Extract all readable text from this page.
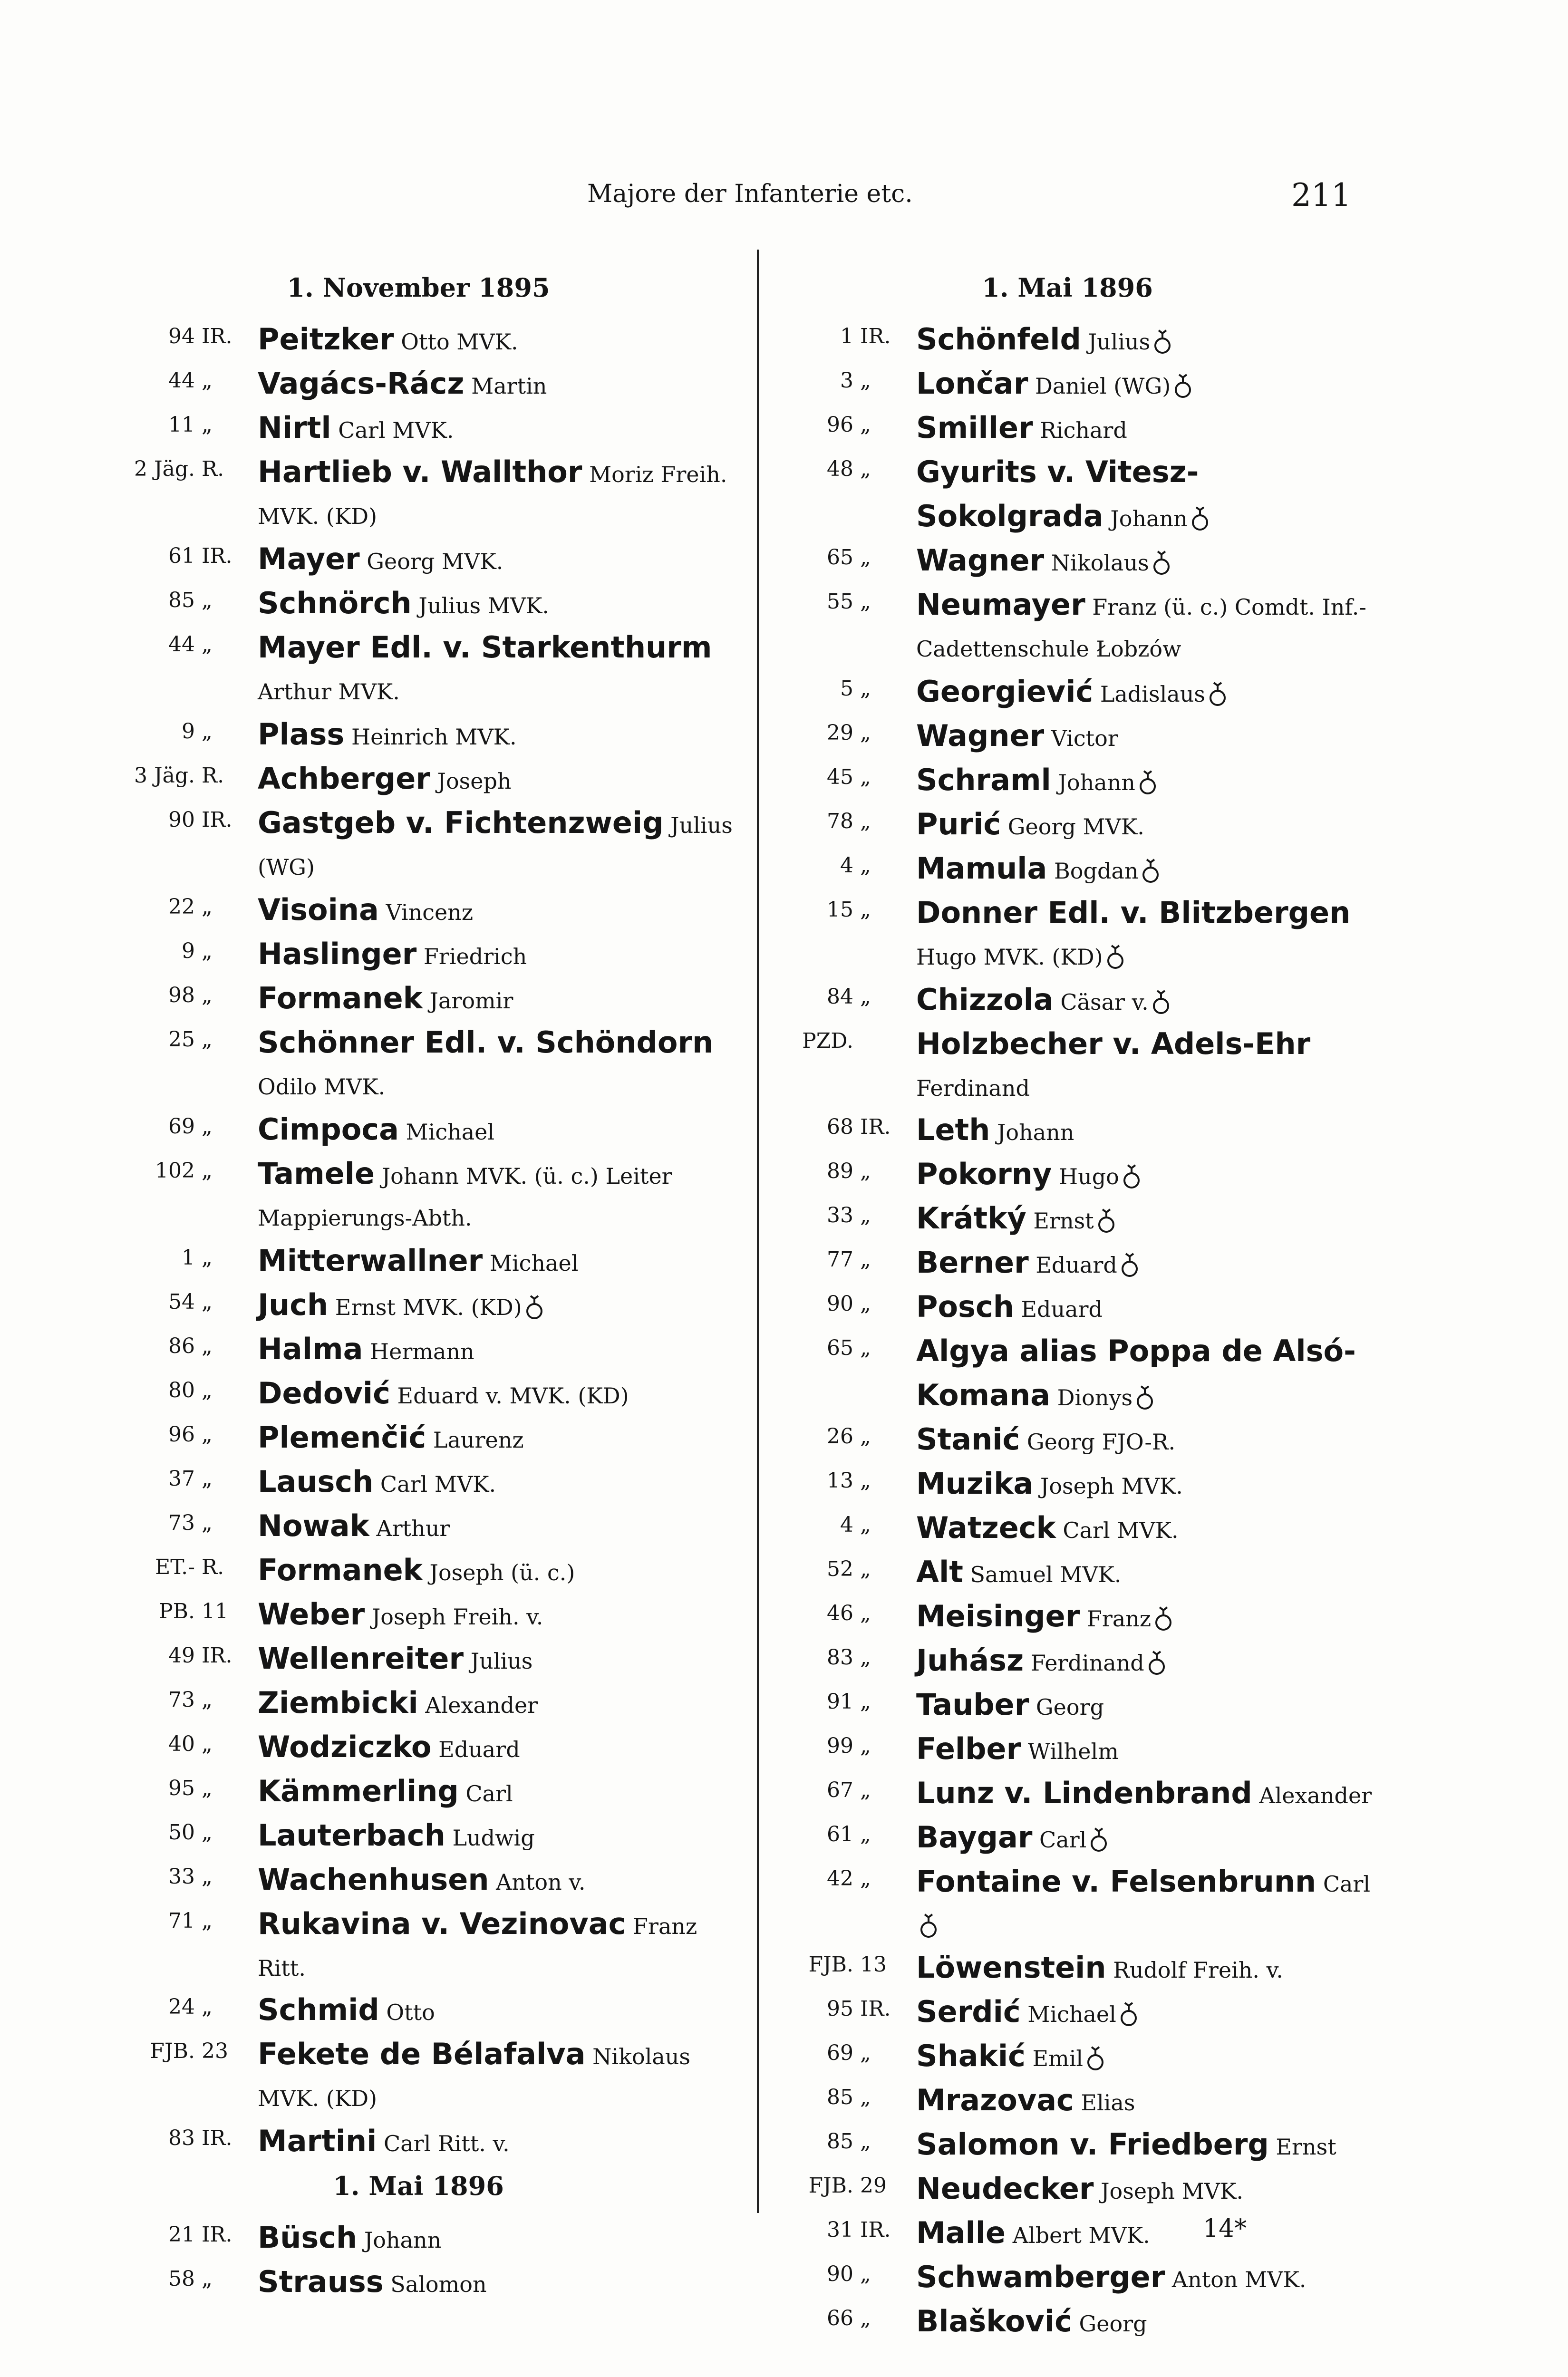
Majore der Infanterie etc.	211
1. November 1895
94 IR. Peitzker Otto MVK.
44 „	Vagács-Rácz Martin
11 „	Nirtl Carl MVK.
2 Jäg. R.	Hartlieb v. Wallthor Moriz Freih. MVK. (KD)
61 IR. Mayer Georg MVK.
85 „	Schnörch Julius MVK.
44 „	Mayer Edl. v. Starkenthurm Arthur MVK.
9 „	Plass Heinrich MVK.
3 Jäg. R.	Achberger Joseph
90 IR. Gastgeb v. Fichtenzweig Julius (WG)
22 „	Visoina Vincenz
9 „	Haslinger Friedrich
98 „	Formanek Jaromir
25 „	Schönner Edl. v. Schöndorn Odilo MVK.
69 „	Cimpoca Michael
102 „	Tamele Johann MVK. (ü. c.) Leiter Mappierungs-Abth.
1 „	Mitterwallner Michael
54 „	Juch Ernst MVK. (KD)
86 „	Halma Hermann
80 „	Dedović Eduard v. MVK. (KD)
96 „	Plemenčić Laurenz
37 „	Lausch Carl MVK.
73 „	Nowak Arthur
ET.- R.	Formanek Joseph (ü. c.)
PB. 11	Weber Joseph Freih. v.
49 IR. Wellenreiter Julius
73 „	Ziembicki Alexander
40 „	Wodziczko Eduard
95 „	Kämmerling Carl
50 „	Lauterbach Ludwig
33 „	Wachenhusen Anton v.
71 „	Rukavina v. Vezinovac Franz Ritt.
24 „	Schmid Otto
FJB. 23	Fekete de Bélafalva Nikolaus MVK. (KD)
83 IR. Martini Carl Ritt. v.
1. Mai 1896
21 IR. Büsch Johann
58 „	Strauss Salomon
1. Mai 1896
1 IR. Schönfeld Julius
3 „	Lončar Daniel (WG)
96 „	Smiller Richard
48 „	Gyurits v. Vitesz-Sokolgrada Johann
65 „	Wagner Nikolaus
55 „	Neumayer Franz (ü. c.) Comdt. Inf.-Cadettenschule Łobzów
5 „	Georgiević Ladislaus
29 „	Wagner Victor
45 „	Schraml Johann
78 „	Purić Georg MVK.
4 „	Mamula Bogdan
15 „	Donner Edl. v. Blitzbergen Hugo MVK. (KD)
84 „	Chizzola Cäsar v.
PZD. Holzbecher v. Adels-Ehr Ferdinand
68 IR. Leth Johann
89 „	Pokorny Hugo
33 „	Krátký Ernst
77 „	Berner Eduard
90 „	Posch Eduard
65 „	Algya alias Poppa de Alsó-Komana Dionys
26 „	Stanić Georg FJO-R.
13 „	Muzika Joseph MVK.
4 „	Watzeck Carl MVK.
52 „	Alt Samuel MVK.
46 „	Meisinger Franz
83 „	Juhász Ferdinand
91 „	Tauber Georg
99 „	Felber Wilhelm
67 „	Lunz v. Lindenbrand Alexander
61 „	Baygar Carl
42 „	Fontaine v. Felsenbrunn Carl
FJB. 13	Löwenstein Rudolf Freih. v.
95 IR. Serdić Michael
69 „	Shakić Emil
85 „	Mrazovac Elias
85 „	Salomon v. Friedberg Ernst
FJB. 29	Neudecker Joseph MVK.
31 IR. Malle Albert MVK.
90 „	Schwamberger Anton MVK.
66 „	Blašković Georg
14*
